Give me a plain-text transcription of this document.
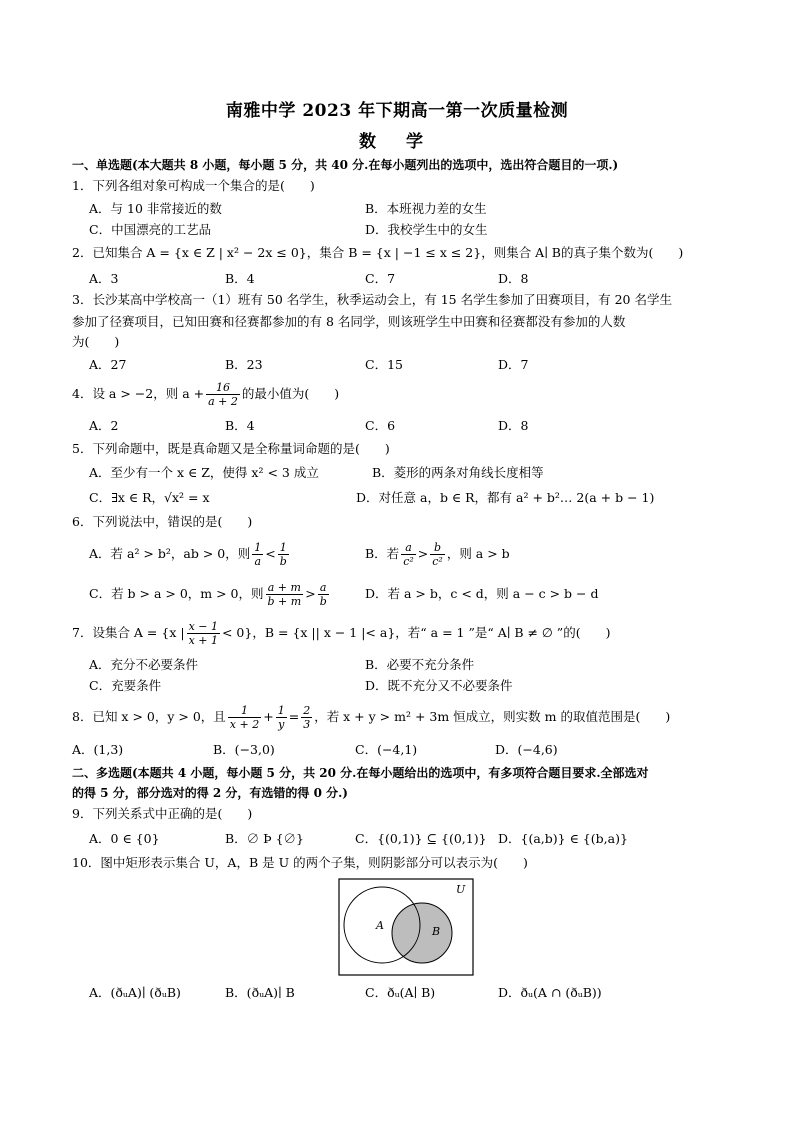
南雅中学 2023 年下期高一第一次质量检测
数 学
一、单选题(本大题共 8 小题，每小题 5 分，共 40 分.在每小题列出的选项中，选出符合题目的一项.)
1．下列各组对象可构成一个集合的是(　　)
A．与 10 非常接近的数	B．本班视力差的女生
C．中国漂亮的工艺品	D．我校学生中的女生
2．已知集合 A = {x ∈ Z | x² − 2x ≤ 0}，集合 B = {x | −1 ≤ x ≤ 2}，则集合 A∣ B的真子集个数为(　　)
A．3	B．4	C．7	D．8
3．长沙某高中学校高一（1）班有 50 名学生，秋季运动会上，有 15 名学生参加了田赛项目，有 20 名学生
参加了径赛项目，已知田赛和径赛都参加的有 8 名同学，则该班学生中田赛和径赛都没有参加的人数
为(　　)
A．27	B．23	C．15	D．7
4．设 a > −2，则 $a + \frac{16}{a + 2}$ 的最小值为(　　)
A．2	B．4	C．6	D．8
5．下列命题中，既是真命题又是全称量词命题的是(　　)
A．至少有一个 x ∈ Z，使得 x² < 3 成立	B．菱形的两条对角线长度相等
C．∃x ∈ R，√x² = x	D．对任意 a，b ∈ R，都有 a² + b²… 2(a + b − 1)
6．下列说法中，错误的是(　　)
A．若 a² > b²，ab > 0，则 $\frac{1}{a} < \frac{1}{b}$	B．若 $\frac{a}{\text{c²}} > \frac{b}{\text{c²}}$ ，则 a > b
C．若 b > a > 0，m > 0，则 $\frac{a + m}{b + m} > \frac{a}{b}$	D．若 a > b，c < d，则 a − c > b − d
7．设集合 A = {x | $\frac{x - 1}{x + 1} < 0$}，B = {x || x − 1 |< a}，若“ a = 1 ”是“ A∣ B ≠ ∅ ”的(　　)
A．充分不必要条件	B．必要不充分条件
C．充要条件	D．既不充分又不必要条件
8．已知 x > 0，y > 0，且 $\frac{1}{x + 2} + \frac{1}{y} = \frac{2}{3}$ ，若 x + y > m² + 3m 恒成立，则实数 m 的取值范围是(　　)
A．(1,3)	B．(−3,0)	C．(−4,1)	D．(−4,6)
二、多选题(本题共 4 小题，每小题 5 分，共 20 分.在每小题给出的选项中，有多项符合题目要求.全部选对
的得 5 分，部分选对的得 2 分，有选错的得 0 分.)
9．下列关系式中正确的是(　　)
A．0 ∈ {0}	B．∅ Þ {∅}	C．{(0,1)} ⊆ {(0,1)} D．{(a,b)} ∈ {(b,a)}
10．图中矩形表示集合 U，A，B 是 U 的两个子集，则阴影部分可以表示为(　　)
U
A	B
A．(ðᵤA)∣ (ðᵤB)	B．(ðᵤA)∣ B	C．ðᵤ(A∣ B)	D．ðᵤ(A ∩ (ðᵤB))
